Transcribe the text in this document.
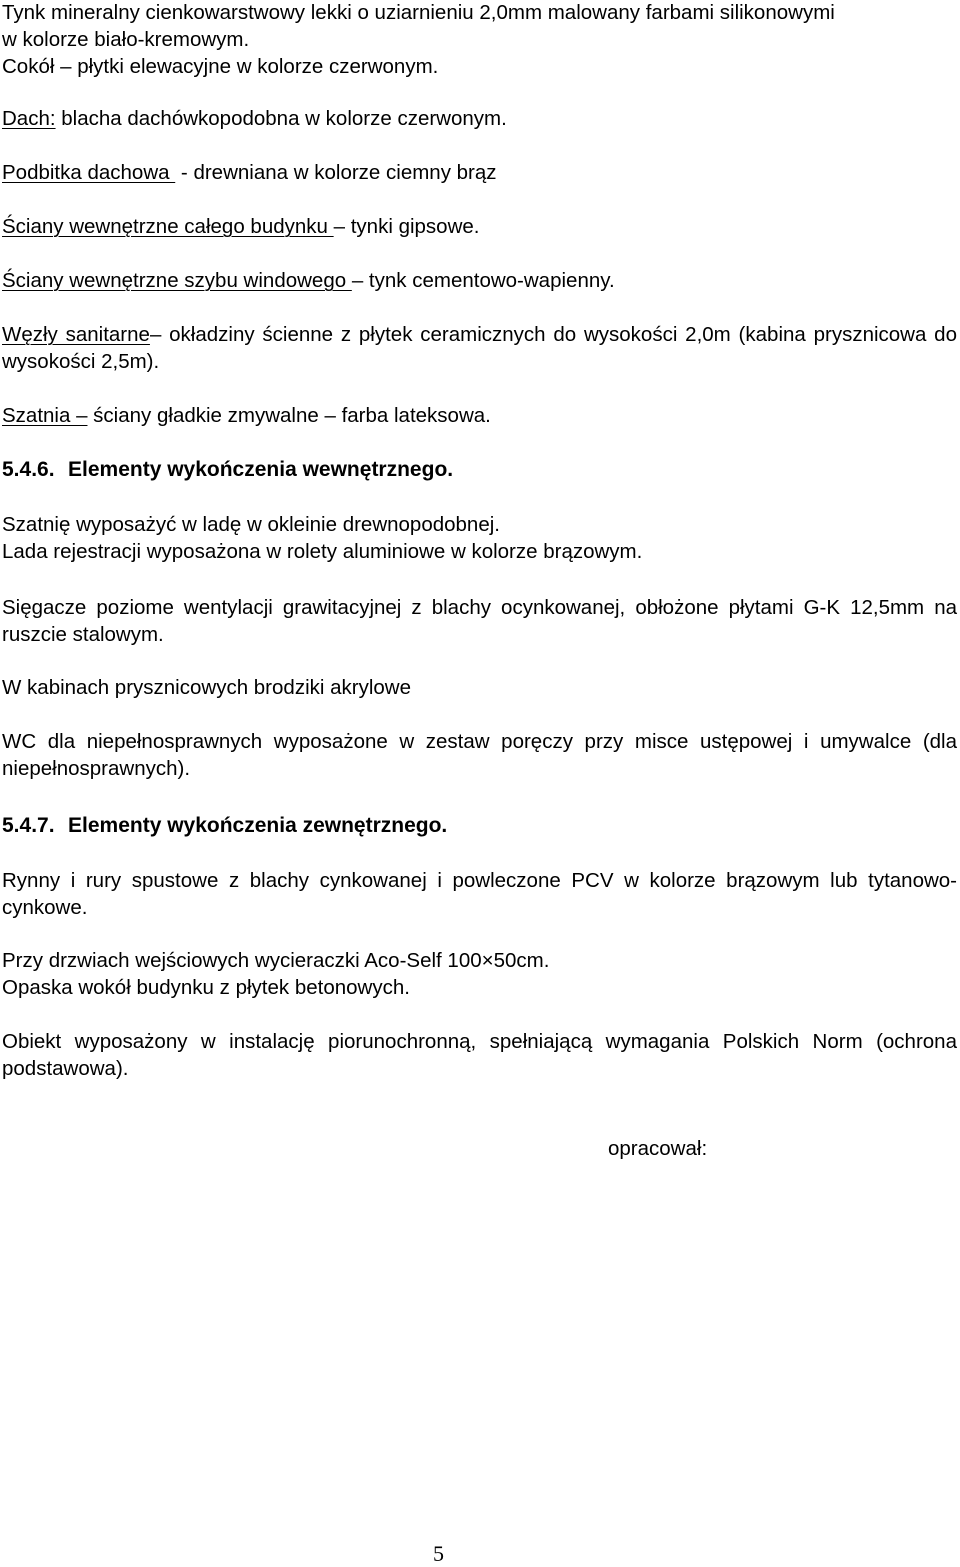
Tynk mineralny cienkowarstwowy lekki o uziarnieniu 2,0mm malowany farbami silikonowymi
w kolorze biało-kremowym.
Cokół – płytki elewacyjne w kolorze czerwonym.
Dach: blacha dachówkopodobna w kolorze czerwonym.
Podbitka dachowa  - drewniana w kolorze ciemny brąz
Ściany wewnętrzne całego budynku – tynki gipsowe.
Ściany wewnętrzne szybu windowego – tynk cementowo-wapienny.
Węzły sanitarne– okładziny ścienne z płytek ceramicznych do wysokości 2,0m (kabina prysznicowa do wysokości 2,5m).
Szatnia – ściany gładkie zmywalne – farba lateksowa.
5.4.6. Elementy wykończenia wewnętrznego.
Szatnię wyposażyć w ladę w okleinie drewnopodobnej.
Lada rejestracji wyposażona w rolety aluminiowe w kolorze brązowym.
Sięgacze poziome wentylacji grawitacyjnej z blachy ocynkowanej, obłożone płytami G-K 12,5mm na ruszcie stalowym.
W kabinach prysznicowych brodziki akrylowe
WC dla niepełnosprawnych wyposażone w zestaw poręczy przy misce ustępowej i umywalce (dla niepełnosprawnych).
5.4.7. Elementy wykończenia zewnętrznego.
Rynny i rury spustowe z blachy cynkowanej i powleczone PCV w kolorze brązowym lub tytanowo-cynkowe.
Przy drzwiach wejściowych wycieraczki Aco-Self 100×50cm.
Opaska wokół budynku z płytek betonowych.
Obiekt wyposażony w instalację piorunochronną, spełniającą wymagania Polskich Norm (ochrona podstawowa).
opracował:
5
